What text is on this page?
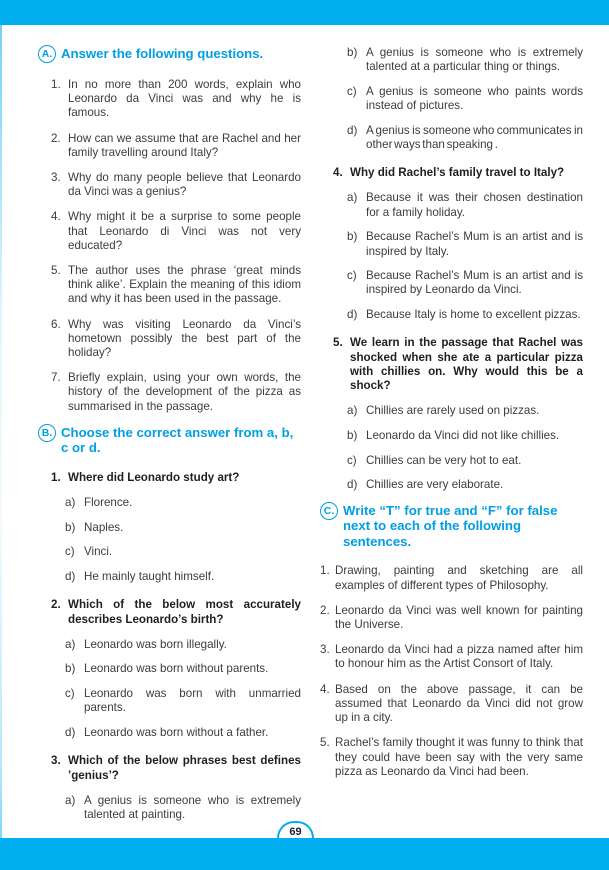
A. Answer the following questions.
1. In no more than 200 words, explain who Leonardo da Vinci was and why he is famous.
2. How can we assume that are Rachel and her family travelling around Italy?
3. Why do many people believe that Leonardo da Vinci was a genius?
4. Why might it be a surprise to some people that Leonardo di Vinci was not very educated?
5. The author uses the phrase ‘great minds think alike’. Explain the meaning of this idiom and why it has been used in the passage.
6. Why was visiting Leonardo da Vinci’s hometown possibly the best part of the holiday?
7. Briefly explain, using your own words, the history of the development of the pizza as summarised in the passage.
B. Choose the correct answer from a, b, c or d.
1. Where did Leonardo study art?
a) Florence.
b) Naples.
c) Vinci.
d) He mainly taught himself.
2. Which of the below most accurately describes Leonardo’s birth?
a) Leonardo was born illegally.
b) Leonardo was born without parents.
c) Leonardo was born with unmarried parents.
d) Leonardo was born without a father.
3. Which of the below phrases best defines ’genius’?
a) A genius is someone who is extremely talented at painting.
b) A genius is someone who is extremely talented at a particular thing or things.
c) A genius is someone who paints words instead of pictures.
d) A genius is someone who communicates in other ways than speaking .
4. Why did Rachel’s family travel to Italy?
a) Because it was their chosen destination for a family holiday.
b) Because Rachel’s Mum is an artist and is inspired by Italy.
c) Because Rachel’s Mum is an artist and is inspired by Leonardo da Vinci.
d) Because Italy is home to excellent pizzas.
5. We learn in the passage that Rachel was shocked when she ate a particular pizza with chillies on. Why would this be a shock?
a) Chillies are rarely used on pizzas.
b) Leonardo da Vinci did not like chillies.
c) Chillies can be very hot to eat.
d) Chillies are very elaborate.
C. Write “T” for true and “F” for false next to each of the following sentences.
1. Drawing, painting and sketching are all examples of different types of Philosophy.
2. Leonardo da Vinci was well known for painting the Universe.
3. Leonardo da Vinci had a pizza named after him to honour him as the Artist Consort of Italy.
4. Based on the above passage, it can be assumed that Leonardo da Vinci did not grow up in a city.
5. Rachel’s family thought it was funny to think that they could have been say with the very same pizza as Leonardo da Vinci had been.
69
